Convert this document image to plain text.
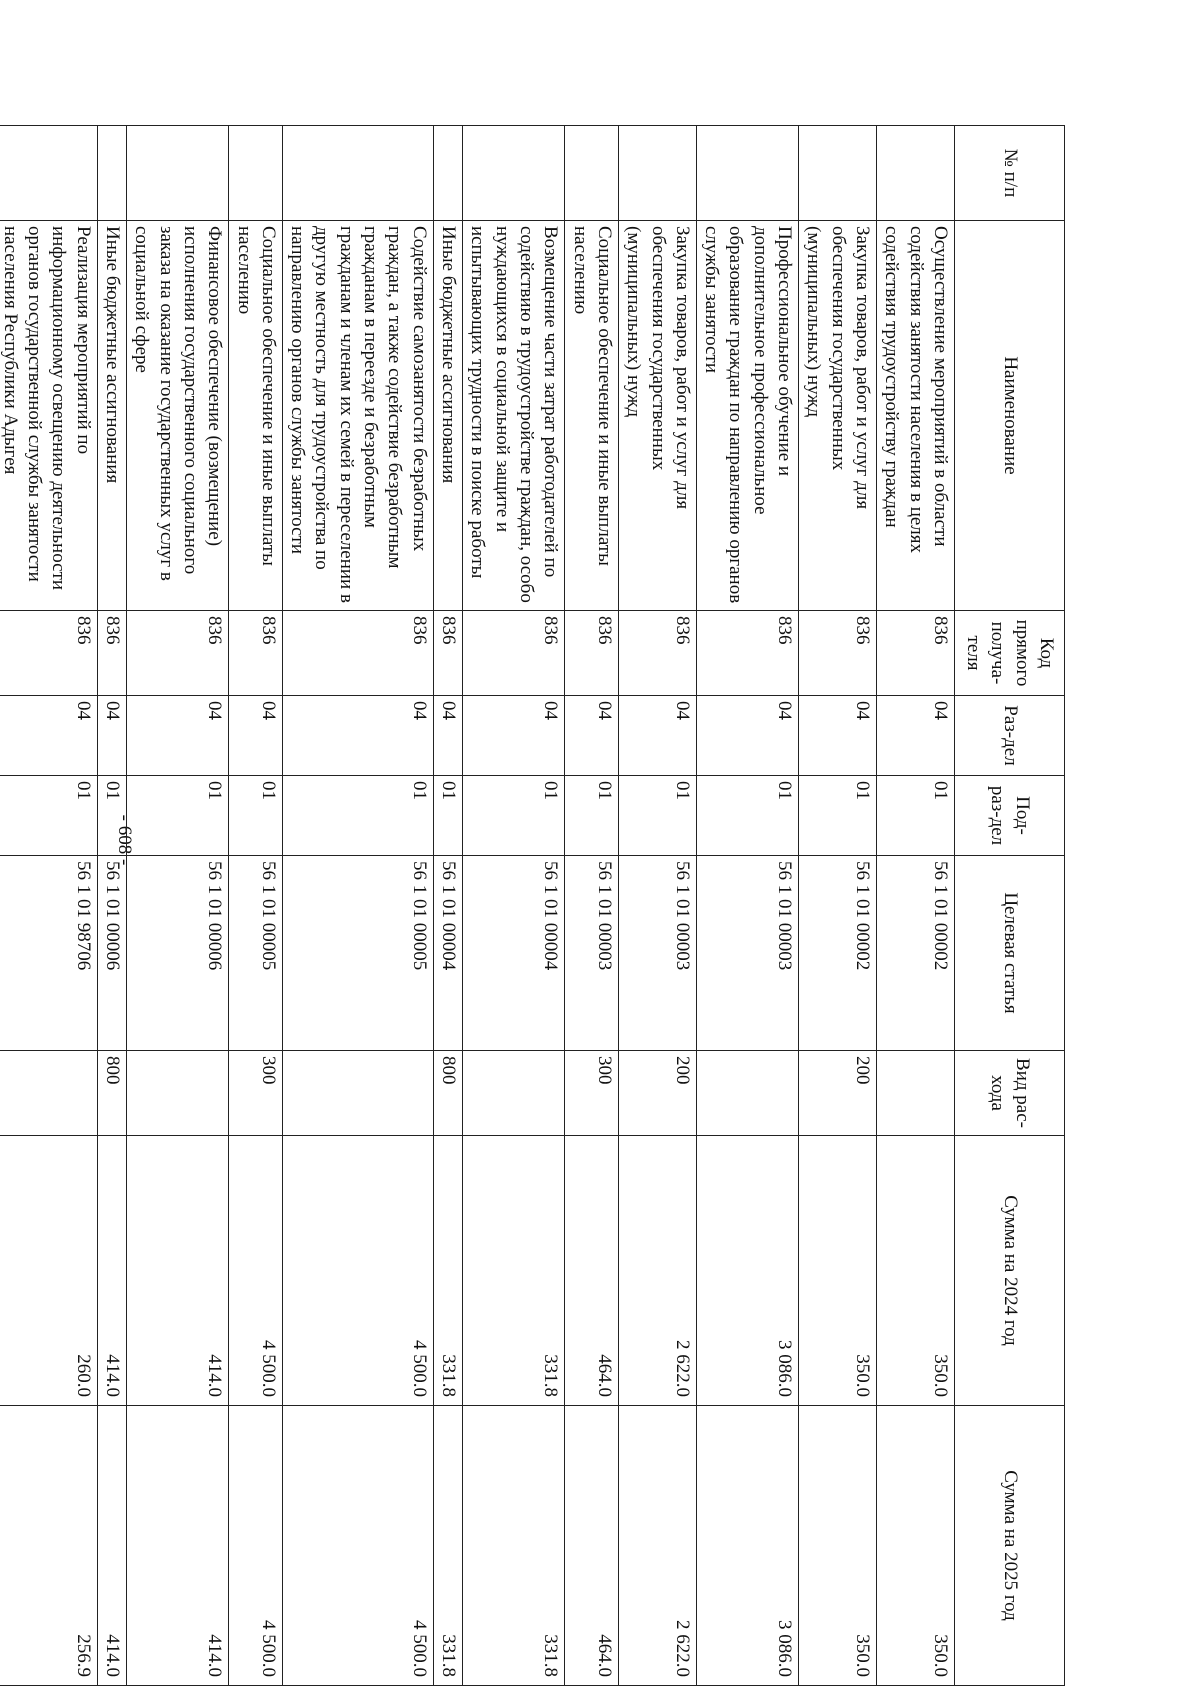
- 608 -
№ п/п	Наименование	Код прямого получа-теля	Раз-дел	Под-раз-дел	Целевая статья	Вид рас-хода	Сумма на 2024 год	Сумма на 2025 год
	Осуществление мероприятий в области содействия занятости населения в целях содействия трудоустройству граждан	836	04	01	56 1 01 00002		350.0	350.0
	Закупка товаров, работ и услуг для обеспечения государственных (муниципальных) нужд	836	04	01	56 1 01 00002	200	350.0	350.0
	Профессиональное обучение и дополнительное профессиональное образование граждан по направлению органов службы занятости	836	04	01	56 1 01 00003		3 086.0	3 086.0
	Закупка товаров, работ и услуг для обеспечения государственных (муниципальных) нужд	836	04	01	56 1 01 00003	200	2 622.0	2 622.0
	Социальное обеспечение и иные выплаты населению	836	04	01	56 1 01 00003	300	464.0	464.0
	Возмещение части затрат работодателей по содействию в трудоустройстве граждан, особо нуждающихся в социальной защите и испытывающих трудности в поиске работы	836	04	01	56 1 01 00004		331.8	331.8
	Иные бюджетные ассигнования	836	04	01	56 1 01 00004	800	331.8	331.8
	Содействие самозанятости безработных граждан, а также содействие безработным гражданам в переезде и безработным гражданам и членам их семей в переселении в другую местность для трудоустройства по направлению органов службы занятости	836	04	01	56 1 01 00005		4 500.0	4 500.0
	Социальное обеспечение и иные выплаты населению	836	04	01	56 1 01 00005	300	4 500.0	4 500.0
	Финансовое обеспечение (возмещение) исполнения государственного социального заказа на оказание государственных услуг в социальной сфере	836	04	01	56 1 01 00006		414.0	414.0
	Иные бюджетные ассигнования	836	04	01	56 1 01 00006	800	414.0	414.0
	Реализация мероприятий по информационному освещению деятельности органов государственной службы занятости населения Республики Адыгея	836	04	01	56 1 01 98706		260.0	256.9
